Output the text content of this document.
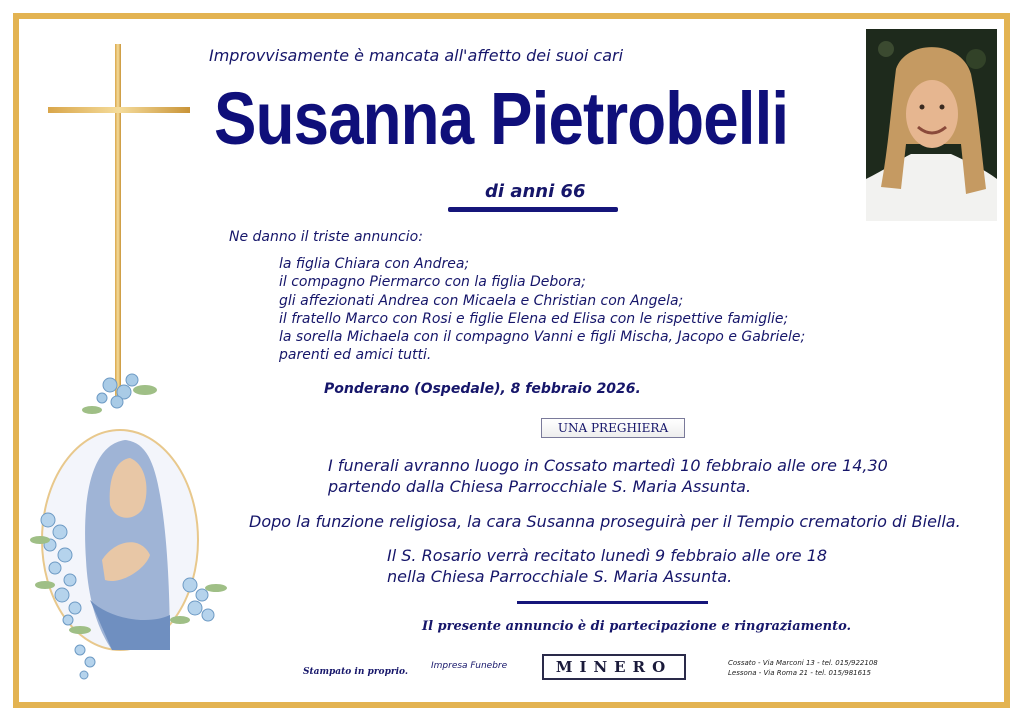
Improvvisamente è mancata all'affetto dei suoi cari
Susanna Pietrobelli
di anni 66
Ne danno il triste annuncio:
la figlia Chiara con Andrea;
il compagno Piermarco con la figlia Debora;
gli affezionati Andrea con Micaela e Christian con Angela;
il fratello Marco con Rosi e figlie Elena ed Elisa con le rispettive famiglie;
la sorella Michaela con il compagno Vanni e figli Mischa, Jacopo e Gabriele;
parenti ed amici tutti.
Ponderano (Ospedale), 8 febbraio 2026.
UNA PREGHIERA
I funerali avranno luogo in Cossato martedì 10 febbraio alle ore 14,30
partendo dalla Chiesa Parrocchiale S. Maria Assunta.
Dopo la funzione religiosa, la cara Susanna proseguirà per il Tempio crematorio di Biella.
Il S. Rosario verrà recitato lunedì 9 febbraio alle ore 18
nella Chiesa Parrocchiale S. Maria Assunta.
Il presente annuncio è di partecipazione e ringraziamento.
Stampato in proprio.
Impresa Funebre	MINERO	Cossato - Via Marconi 13 - tel. 015/922108
Lessona - Via Roma 21 - tel. 015/981615
